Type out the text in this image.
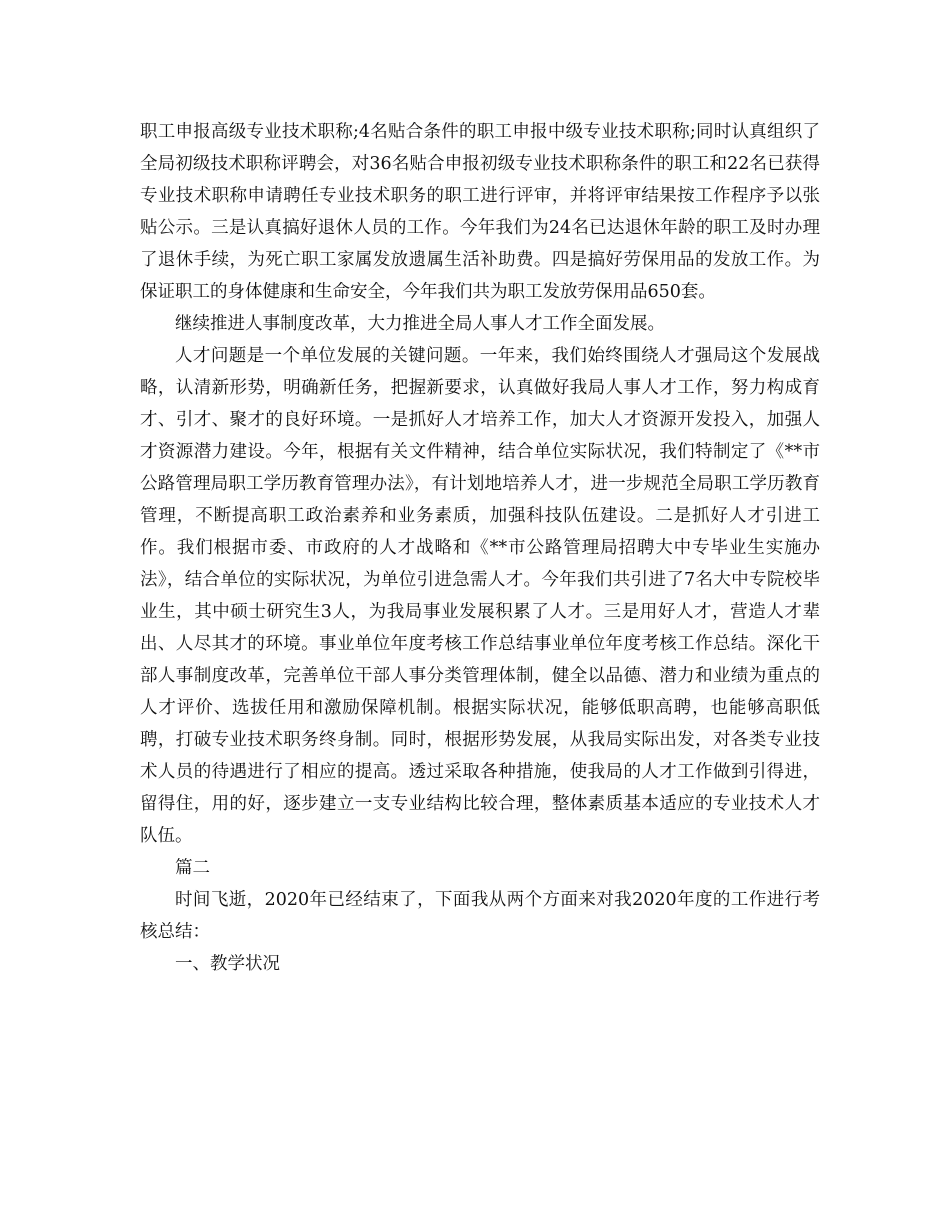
职工申报高级专业技术职称;4名贴合条件的职工申报中级专业技术职称;同时认真组织了全局初级技术职称评聘会，对36名贴合申报初级专业技术职称条件的职工和22名已获得专业技术职称申请聘任专业技术职务的职工进行评审，并将评审结果按工作程序予以张贴公示。三是认真搞好退休人员的工作。今年我们为24名已达退休年龄的职工及时办理了退休手续，为死亡职工家属发放遗属生活补助费。四是搞好劳保用品的发放工作。为保证职工的身体健康和生命安全，今年我们共为职工发放劳保用品650套。

继续推进人事制度改革，大力推进全局人事人才工作全面发展。

人才问题是一个单位发展的关键问题。一年来，我们始终围绕人才强局这个发展战略，认清新形势，明确新任务，把握新要求，认真做好我局人事人才工作，努力构成育才、引才、聚才的良好环境。一是抓好人才培养工作，加大人才资源开发投入，加强人才资源潜力建设。今年，根据有关文件精神，结合单位实际状况，我们特制定了《**市公路管理局职工学历教育管理办法》，有计划地培养人才，进一步规范全局职工学历教育管理，不断提高职工政治素养和业务素质，加强科技队伍建设。二是抓好人才引进工作。我们根据市委、市政府的人才战略和《**市公路管理局招聘大中专毕业生实施办法》，结合单位的实际状况，为单位引进急需人才。今年我们共引进了7名大中专院校毕业生，其中硕士研究生3人，为我局事业发展积累了人才。三是用好人才，营造人才辈出、人尽其才的环境。事业单位年度考核工作总结事业单位年度考核工作总结。深化干部人事制度改革，完善单位干部人事分类管理体制，健全以品德、潜力和业绩为重点的人才评价、选拔任用和激励保障机制。根据实际状况，能够低职高聘，也能够高职低聘，打破专业技术职务终身制。同时，根据形势发展，从我局实际出发，对各类专业技术人员的待遇进行了相应的提高。透过采取各种措施，使我局的人才工作做到引得进，留得住，用的好，逐步建立一支专业结构比较合理，整体素质基本适应的专业技术人才队伍。

篇二

时间飞逝，2020年已经结束了，下面我从两个方面来对我2020年度的工作进行考核总结：

一、教学状况
